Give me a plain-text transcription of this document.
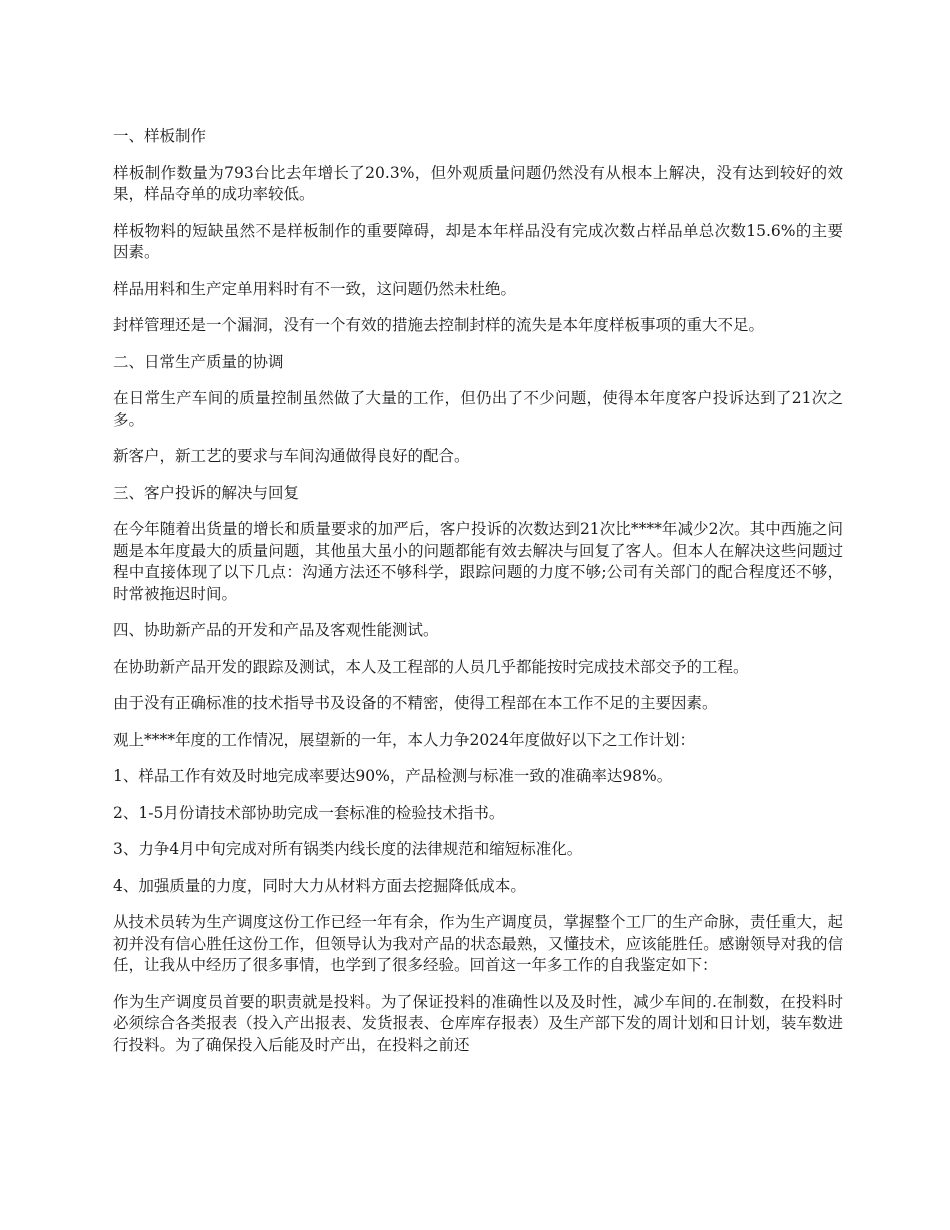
一、样板制作

样板制作数量为793台比去年增长了20.3%，但外观质量问题仍然没有从根本上解决，没有达到较好的效果，样品夺单的成功率较低。

样板物料的短缺虽然不是样板制作的重要障碍，却是本年样品没有完成次数占样品单总次数15.6%的主要因素。

样品用料和生产定单用料时有不一致，这问题仍然未杜绝。

封样管理还是一个漏洞，没有一个有效的措施去控制封样的流失是本年度样板事项的重大不足。

二、日常生产质量的协调

在日常生产车间的质量控制虽然做了大量的工作，但仍出了不少问题，使得本年度客户投诉达到了21次之多。

新客户，新工艺的要求与车间沟通做得良好的配合。

三、客户投诉的解决与回复

在今年随着出货量的增长和质量要求的加严后，客户投诉的次数达到21次比****年减少2次。其中西施之问题是本年度最大的质量问题，其他虽大虽小的问题都能有效去解决与回复了客人。但本人在解决这些问题过程中直接体现了以下几点：沟通方法还不够科学，跟踪问题的力度不够;公司有关部门的配合程度还不够，时常被拖迟时间。

四、协助新产品的开发和产品及客观性能测试。

在协助新产品开发的跟踪及测试，本人及工程部的人员几乎都能按时完成技术部交予的工程。

由于没有正确标准的技术指导书及设备的不精密，使得工程部在本工作不足的主要因素。

观上****年度的工作情况，展望新的一年，本人力争2024年度做好以下之工作计划：

1、样品工作有效及时地完成率要达90%，产品检测与标准一致的准确率达98%。

2、1-5月份请技术部协助完成一套标准的检验技术指书。

3、力争4月中旬完成对所有锅类内线长度的法律规范和缩短标准化。

4、加强质量的力度，同时大力从材料方面去挖掘降低成本。

从技术员转为生产调度这份工作已经一年有余，作为生产调度员，掌握整个工厂的生产命脉，责任重大，起初并没有信心胜任这份工作，但领导认为我对产品的状态最熟，又懂技术，应该能胜任。感谢领导对我的信任，让我从中经历了很多事情，也学到了很多经验。回首这一年多工作的自我鉴定如下：

作为生产调度员首要的职责就是投料。为了保证投料的准确性以及及时性，减少车间的.在制数，在投料时必须综合各类报表（投入产出报表、发货报表、仓库库存报表）及生产部下发的周计划和日计划，装车数进行投料。为了确保投入后能及时产出，在投料之前还
